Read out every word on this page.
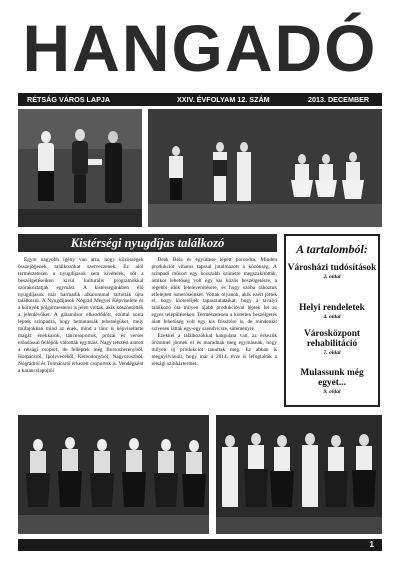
HANGADÓ
RÉTSÁG VÁROS LAPJA	XXIV. ÉVFOLYAM 12. SZÁM	2013. DECEMBER
Kistérségi nyugdíjas találkozó

Egyre nagyobb igény van arra, hogy közösségek összejöjjenek, találkozókat szervezzenek. Ez alól természetesen a nyugdíjasok sem kivételek, sőt a beszélgetéseiken kívül kulturális programokkal szórakoztatják egymást. A kistérségünkben élő nyugdíjasok már harmadik alkalommal tartották újra találkozót. A Nyugdíjasok Nógrád Megyei Képviselete és a környék polgármesterei is jelen voltak, akik köszöntötték a jelenlévőket. A gálaműsor elkezdődött, ezúttal sorra léptek színpadra, hogy bemutassák tehetségüket, mely műfajokban mind az ének, mind a tánc is képviseltette magát: énekkarok, táncosoportok, prózai és verses előadással fellépők váltották egymást. Nagy tetszést aratott a rétsági csoport, de felléptek még Borsosberényből, Horpácsról, Ipolyvecéből, Kétbodonyból, Nagyoroszból, Nógrádról és Tolmácsról érkezett csoportok is. Vendégként a karancslapujtői

Deák Béla és együttese lépett porondra. Minden produkciót vihatos tapssal jutalmazott a közönség. A színpadi műsort egy hosszabb szünetre megszakították, amikor lehetőség volt egy kis közös beszélgetésre, a régebbi idők felelevenítésére, és hogy szóba ráhoztuk elfelejtett ismerőseinket. Voltak olyanok, akik ezért jöttek el, hogy kicseréljék tapasztalataikat, hogy a tavalyi találkozó óta milyen újabb produkcióval léptek fel az egyes településeken. Természetesen a kötetlen beszélgetés alatt lehetőség volt egy kis frissítőre is, de mindenkit szívesen láttak egy-egy szendvicsre, süteményre.

Ezekkel a találkozókkal hangulata van, az érkezők örömmel jönnek el és maradnak meg egymásnak, hogy milyen új produkciót tanultak meg. Ez abban is megnyilvánult, hogy már a 2014. évre is lefoglalták a rétsági színháztermet.

A tartalomból:
Városházi tudósítások
2. oldal
Helyi rendeletek
4. oldal
Városközpont rehabilitáció
7. oldal
Mulassunk még egyet...
9. oldal
1
